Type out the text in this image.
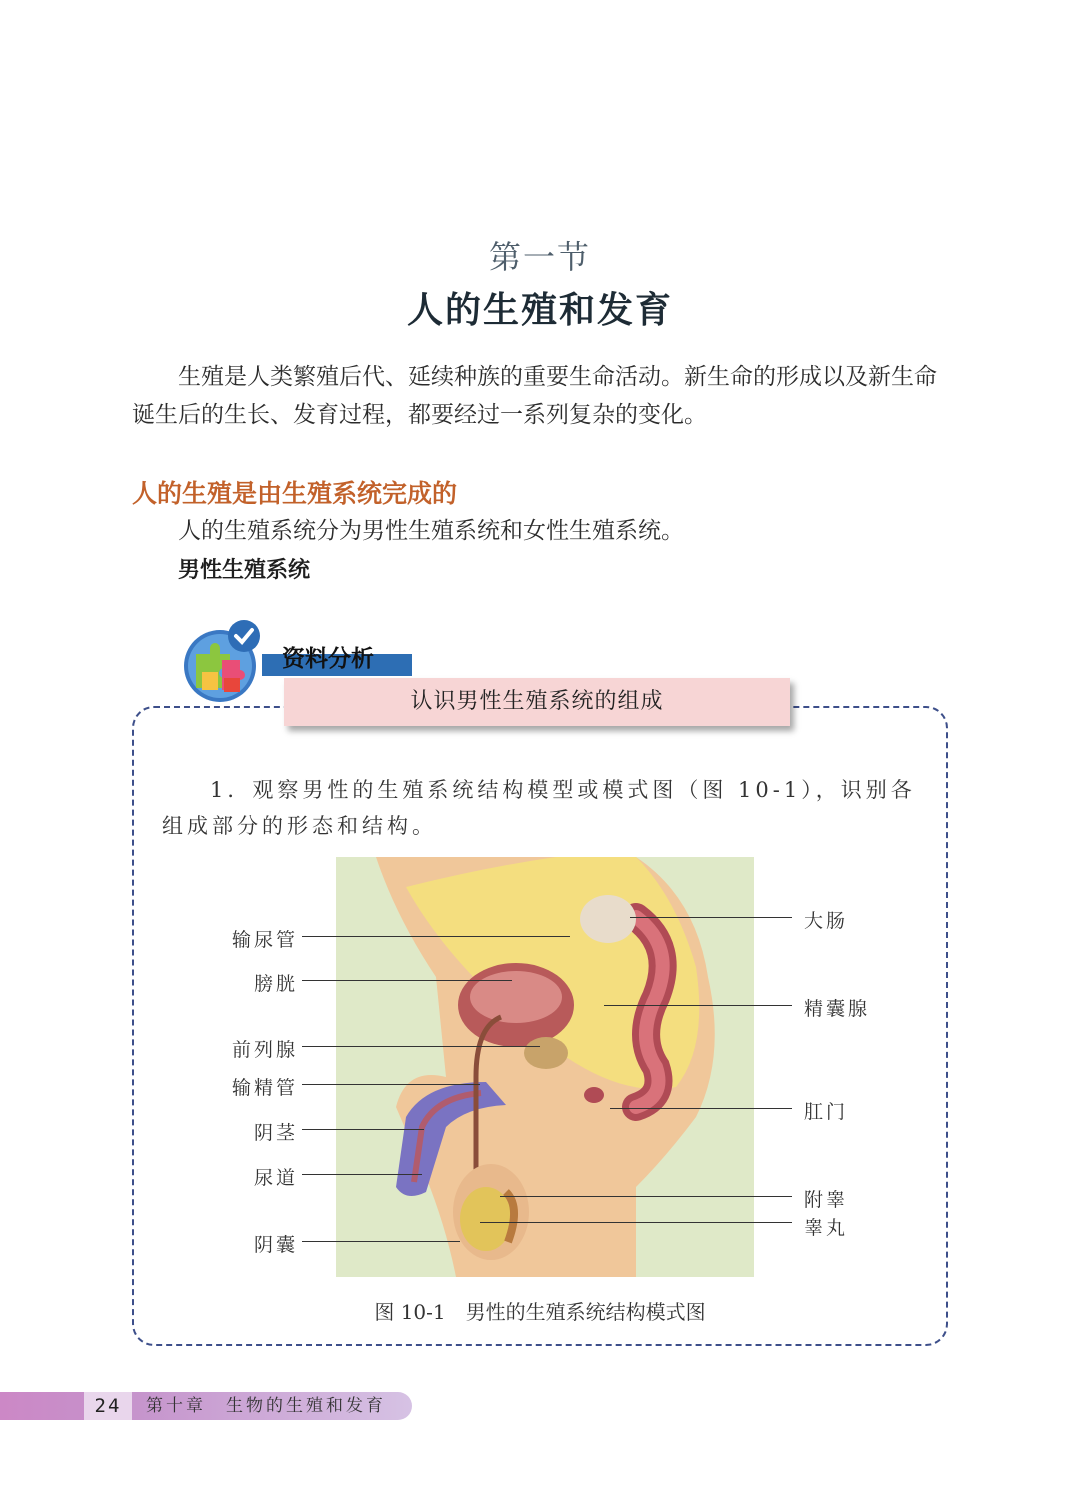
第一节
人的生殖和发育
生殖是人类繁殖后代、延续种族的重要生命活动。新生命的形成以及新生命诞生后的生长、发育过程，都要经过一系列复杂的变化。
人的生殖是由生殖系统完成的
人的生殖系统分为男性生殖系统和女性生殖系统。
男性生殖系统
资料分析
认识男性生殖系统的组成
1．观察男性的生殖系统结构模型或模式图（图 10-1），识别各组成部分的形态和结构。
输尿管
膀胱
前列腺
输精管
阴茎
尿道
阴囊
大肠
精囊腺
肛门
附睾
睾丸
图 10-1　男性的生殖系统结构模式图
24	第十章　生物的生殖和发育
